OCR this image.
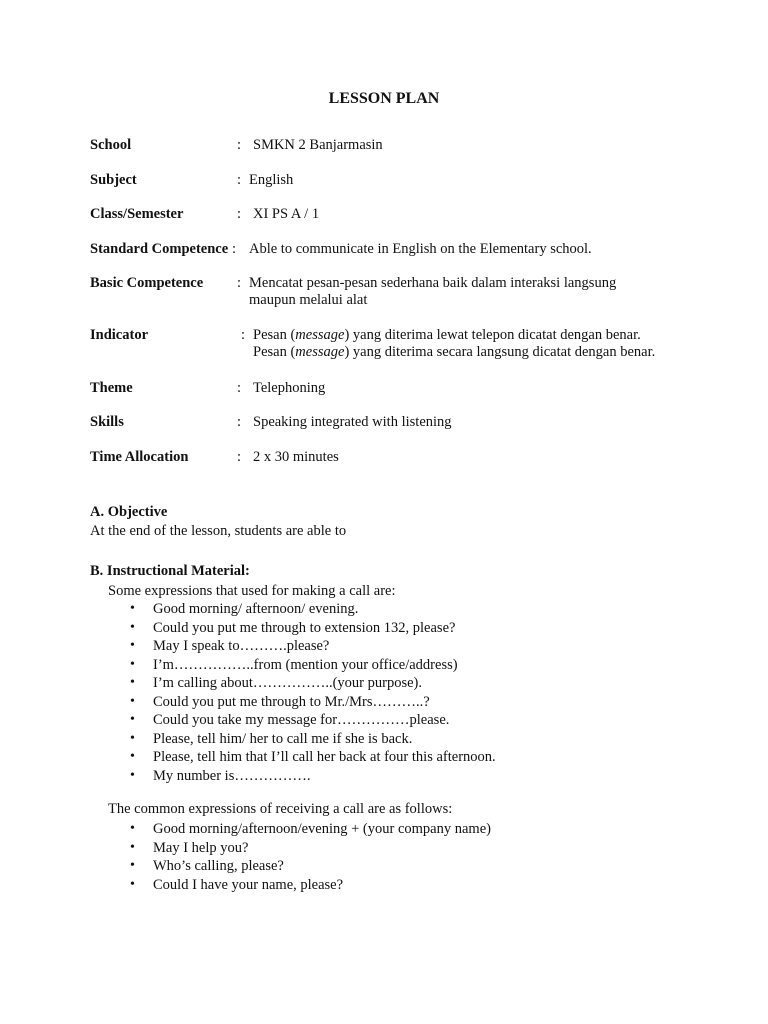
LESSON PLAN
School	: SMKN 2 Banjarmasin
Subject	: English
Class/Semester	: XI PS A / 1
Standard Competence : Able to communicate in English on the Elementary school.
Basic Competence : Mencatat pesan-pesan sederhana baik dalam interaksi langsung
maupun melalui alat
Indicator	: Pesan (message) yang diterima lewat telepon dicatat dengan benar.
Pesan (message) yang diterima secara langsung dicatat dengan benar.
Theme	: Telephoning
Skills	: Speaking integrated with listening
Time Allocation	: 2 x 30 minutes
A. Objective
At the end of the lesson, students are able to
B. Instructional Material:
Some expressions that used for making a call are:
• Good morning/ afternoon/ evening.
• Could you put me through to extension 132, please?
• May I speak to……….please?
• I’m……………..from (mention your office/address)
• I’m calling about……………..(your purpose).
• Could you put me through to Mr./Mrs………..?
• Could you take my message for……………please.
• Please, tell him/ her to call me if she is back.
• Please, tell him that I’ll call her back at four this afternoon.
• My number is…………….
The common expressions of receiving a call are as follows:
• Good morning/afternoon/evening + (your company name)
• May I help you?
• Who’s calling, please?
• Could I have your name, please?
